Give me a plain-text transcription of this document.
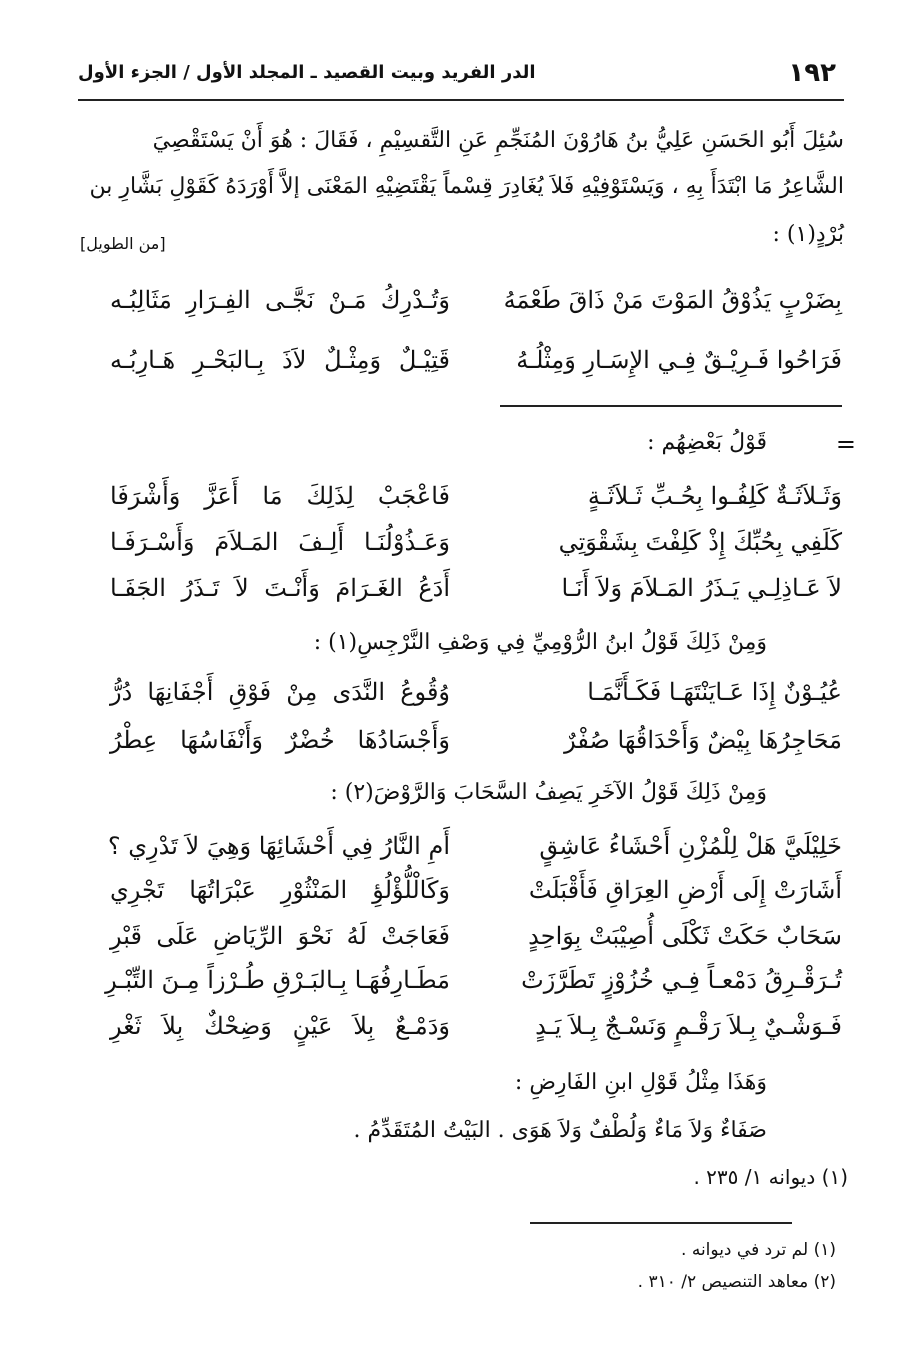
١٩٢
الدر الفريد وبيت القصيد ـ المجلد الأول / الجزء الأول
سُئِلَ أَبُو الحَسَنِ عَلِيُّ بنُ هَارُوْنَ المُنَجِّمِ عَنِ التَّقسِيْمِ ، فَقَالَ : هُوَ أَنْ يَسْتَقْصِيَ
الشَّاعِرُ مَا ابْتَدَأَ بِهِ ، وَيَسْتَوْفِيْهِ فَلاَ يُغَادِرَ قِسْماً يَقْتَضِيْهِ المَعْنَى إلاَّ أَوْرَدَهُ كَقَوْلِ بَشَّارِ بن
بُرْدٍ(١) :
[من الطويل]
بِضَرْبٍ يَذُوْقُ المَوْتَ مَنْ ذَاقَ طَعْمَهُ
وَتُـدْرِكُ مَـنْ نَجَّـى الفِـرَارِ مَثَالِبُـه
فَرَاحُوا فَـرِيْـقٌ فِـي الإِسَـارِ وَمِثْلُـهُ
قَتِيْـلٌ وَمِثْـلٌ لاَذَ بِـالبَحْـرِ هَـارِبُـه
=
قَوْلُ بَعْضِهُم :
وَثَـلاَثَـةٌ كَلِفُـوا بِحُـبِّ ثَـلاَثَـةٍ
فَاعْجَبْ لِذَلِكَ مَا أَعَزَّ وَأَشْرَفَا
كَلَفِي بِحُبِّكَ إِذْ كَلِفْتَ بِشَقْوَتِي
وَعَـذُوْلُنَـا أَلِـفَ المَـلاَمَ وَأَسْـرَفَـا
لاَ عَـاذِلِـي يَـذَرُ المَـلاَمَ وَلاَ أَنَـا
أَدَعُ الغَـرَامَ وَأَنْـتَ لاَ تَـذَرُ الجَفَـا
وَمِنْ ذَلِكَ قَوْلُ ابنُ الرُّوْمِيِّ فِي وَصْفِ النَّرْجِسِ(١) :
عُيُـوْنٌ إِذَا عَـايَنْتَهَـا فَكَـأَنَّمَـا
وُقُوعُ النَّدَى مِنْ فَوْقِ أَجْفَانِهَا دُرُّ
مَحَاجِرُهَا بِيْضٌ وَأَحْدَاقُهَا صُفْرٌ
وَأَجْسَادُهَا خُضْرٌ وَأَنْفَاسُهَا عِطْرُ
وَمِنْ ذَلِكَ قَوْلُ الآخَرِ يَصِفُ السَّحَابَ وَالرَّوْضَ(٢) :
خَلِيْلَيَّ هَلْ لِلْمُزْنِ أَحْشَاءُ عَاشِقٍ
أَمِ النَّارُ فِي أَحْشَائِهَا وَهِيَ لاَ تَدْرِي ؟
أَشَارَتْ إِلَى أَرْضِ العِرَاقِ فَأَقْبَلَتْ
وَكَالْلُّؤْلُؤِ المَنْثُوْرِ عَبْرَاتُهَا تَجْرِي
سَحَابٌ حَكَتْ ثَكْلَى أُصِيْبَتْ بِوَاحِدٍ
فَعَاجَتْ لَهُ نَحْوَ الرِّيَاضِ عَلَى قَبْرِ
تُـرَقْـرِقُ دَمْعـاً فِـي خُزُوْزٍ تَطَرَّزَتْ
مَطَـارِفُهَـا بِـالبَـرْقِ طُـرْزاً مِـنَ التِّبْـرِ
فَـوَشْـيٌ بِـلاَ رَقْـمٍ وَنَسْـجٌ بِـلاَ يَـدٍ
وَدَمْـعٌ بِلاَ عَيْنٍ وَضِحْكٌ بِلاَ ثَغْرِ
وَهَذَا مِثْلُ قَوْلِ ابنِ الفَارِضِ :
صَفَاءٌ وَلاَ مَاءٌ وَلُطْفٌ وَلاَ هَوَى . البَيْتُ المُتَقَدِّمُ .
(١) ديوانه ١/ ٢٣٥ .
(١) لم ترد في ديوانه .
(٢) معاهد التنصيص ٢/ ٣١٠ .
